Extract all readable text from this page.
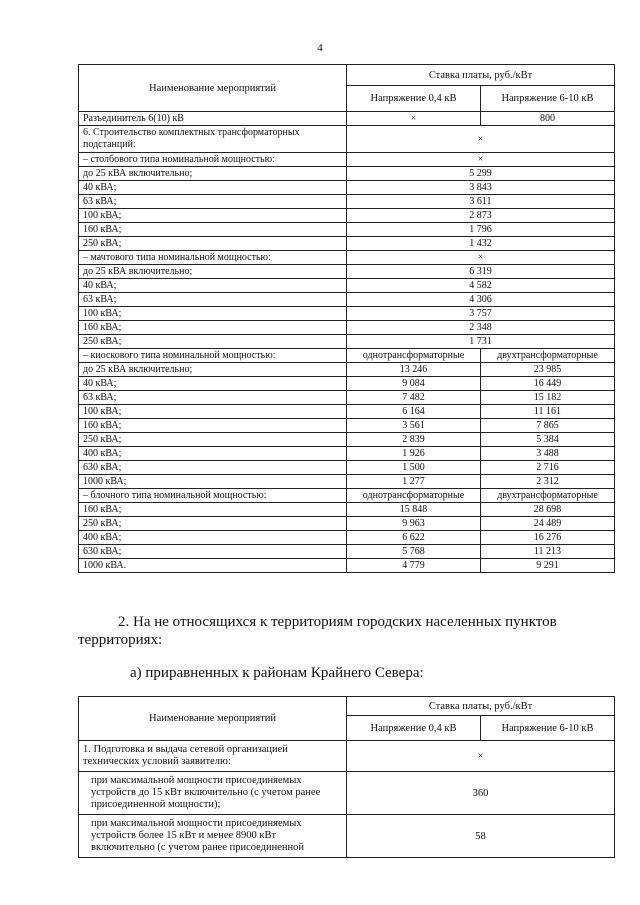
4
Наименование мероприятий	Ставка платы, руб./кВт	
	Напряжение 0,4 кВ	Напряжение 6-10 кВ
Разъединитель 6(10) кВ	×	800
6. Строительство комплектных трансформаторных подстанций:	×	
– столбового типа номинальной мощностью:	×	
до 25 кВА включительно;	5 299	
40 кВА;	3 843	
63 кВА;	3 611	
100 кВА;	2 873	
160 кВА;	1 796	
250 кВА;	1 432	
– мачтового типа номинальной мощностью:	×	
до 25 кВА включительно;	6 319	
40 кВА;	4 582	
63 кВА;	4 306	
100 кВА;	3 757	
160 кВА;	2 348	
250 кВА;	1 731	
– киоскового типа номинальной мощностью:	однотрансформаторные	двухтрансформаторные
до 25 кВА включительно;	13 246	23 985
40 кВА;	9 084	16 449
63 кВА;	7 482	15 182
100 кВА;	6 164	11 161
160 кВА;	3 561	7 865
250 кВА;	2 839	5 384
400 кВА;	1 926	3 488
630 кВА;	1 500	2 716
1000 кВА;	1 277	2 312
– блочного типа номинальной мощностью:	однотрансформаторные	двухтрансформаторные
160 кВА;	15 848	28 698
250 кВА;	9 963	24 489
400 кВА;	6 622	16 276
630 кВА;	5 768	11 213
1000 кВА.	4 779	9 291
2. На не относящихся к территориям городских населенных пунктов
территориях:
а) приравненных к районам Крайнего Севера:
Наименование мероприятий	Ставка платы, руб./кВт	
	Напряжение 0,4 кВ	Напряжение 6-10 кВ
1. Подготовка и выдача сетевой организацией технических условий заявителю:	×	
при максимальной мощности присоединяемых устройств до 15 кВт включительно (с учетом ранее присоединенной мощности);	360	
при максимальной мощности присоединяемых устройств более 15 кВт и менее 8900 кВт включительно (с учетом ранее присоединенной	58	
